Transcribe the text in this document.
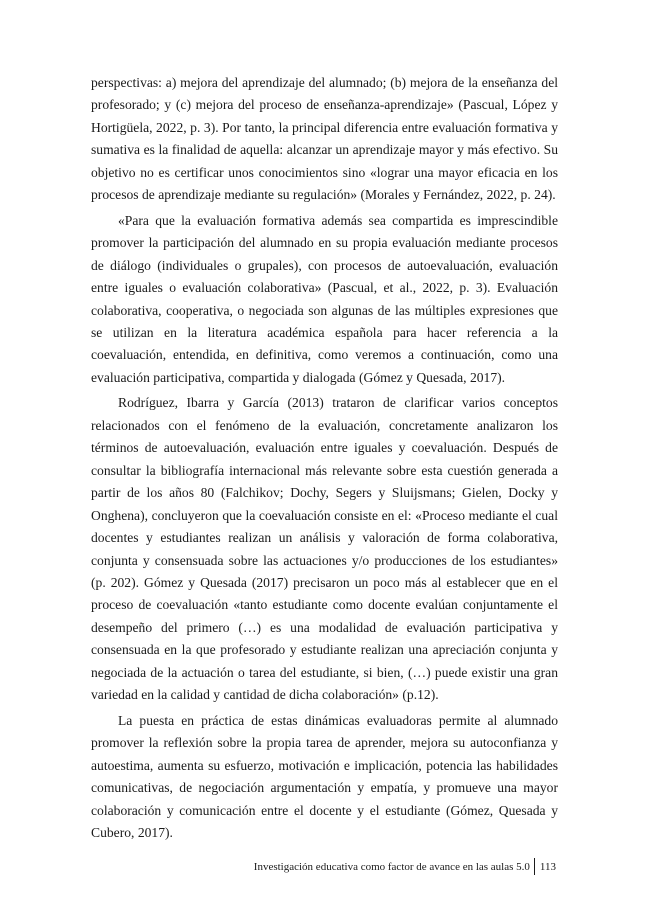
perspectivas: a) mejora del aprendizaje del alumnado; (b) mejora de la enseñanza del profesorado; y (c) mejora del proceso de enseñanza-aprendizaje» (Pascual, López y Hortigüela, 2022, p. 3). Por tanto, la principal diferencia entre evaluación formativa y sumativa es la finalidad de aquella: alcanzar un aprendizaje mayor y más efectivo. Su objetivo no es certificar unos conocimientos sino «lograr una mayor eficacia en los procesos de aprendizaje mediante su regulación» (Morales y Fernández, 2022, p. 24).

«Para que la evaluación formativa además sea compartida es imprescindible promover la participación del alumnado en su propia evaluación mediante procesos de diálogo (individuales o grupales), con procesos de autoevaluación, evaluación entre iguales o evaluación colaborativa» (Pascual, et al., 2022, p. 3). Evaluación colaborativa, cooperativa, o negociada son algunas de las múltiples expresiones que se utilizan en la literatura académica española para hacer referencia a la coevaluación, entendida, en definitiva, como veremos a continuación, como una evaluación participativa, compartida y dialogada (Gómez y Quesada, 2017).

Rodríguez, Ibarra y García (2013) trataron de clarificar varios conceptos relacionados con el fenómeno de la evaluación, concretamente analizaron los términos de autoevaluación, evaluación entre iguales y coevaluación. Después de consultar la bibliografía internacional más relevante sobre esta cuestión generada a partir de los años 80 (Falchikov; Dochy, Segers y Sluijsmans; Gielen, Docky y Onghena), concluyeron que la coevaluación consiste en el: «Proceso mediante el cual docentes y estudiantes realizan un análisis y valoración de forma colaborativa, conjunta y consensuada sobre las actuaciones y/o producciones de los estudiantes» (p. 202). Gómez y Quesada (2017) precisaron un poco más al establecer que en el proceso de coevaluación «tanto estudiante como docente evalúan conjuntamente el desempeño del primero (…) es una modalidad de evaluación participativa y consensuada en la que profesorado y estudiante realizan una apreciación conjunta y negociada de la actuación o tarea del estudiante, si bien, (…) puede existir una gran variedad en la calidad y cantidad de dicha colaboración» (p.12).

La puesta en práctica de estas dinámicas evaluadoras permite al alumnado promover la reflexión sobre la propia tarea de aprender, mejora su autoconfianza y autoestima, aumenta su esfuerzo, motivación e implicación, potencia las habilidades comunicativas, de negociación argumentación y empatía, y promueve una mayor colaboración y comunicación entre el docente y el estudiante (Gómez, Quesada y Cubero, 2017).

Investigación educativa como factor de avance en las aulas 5.0 113
